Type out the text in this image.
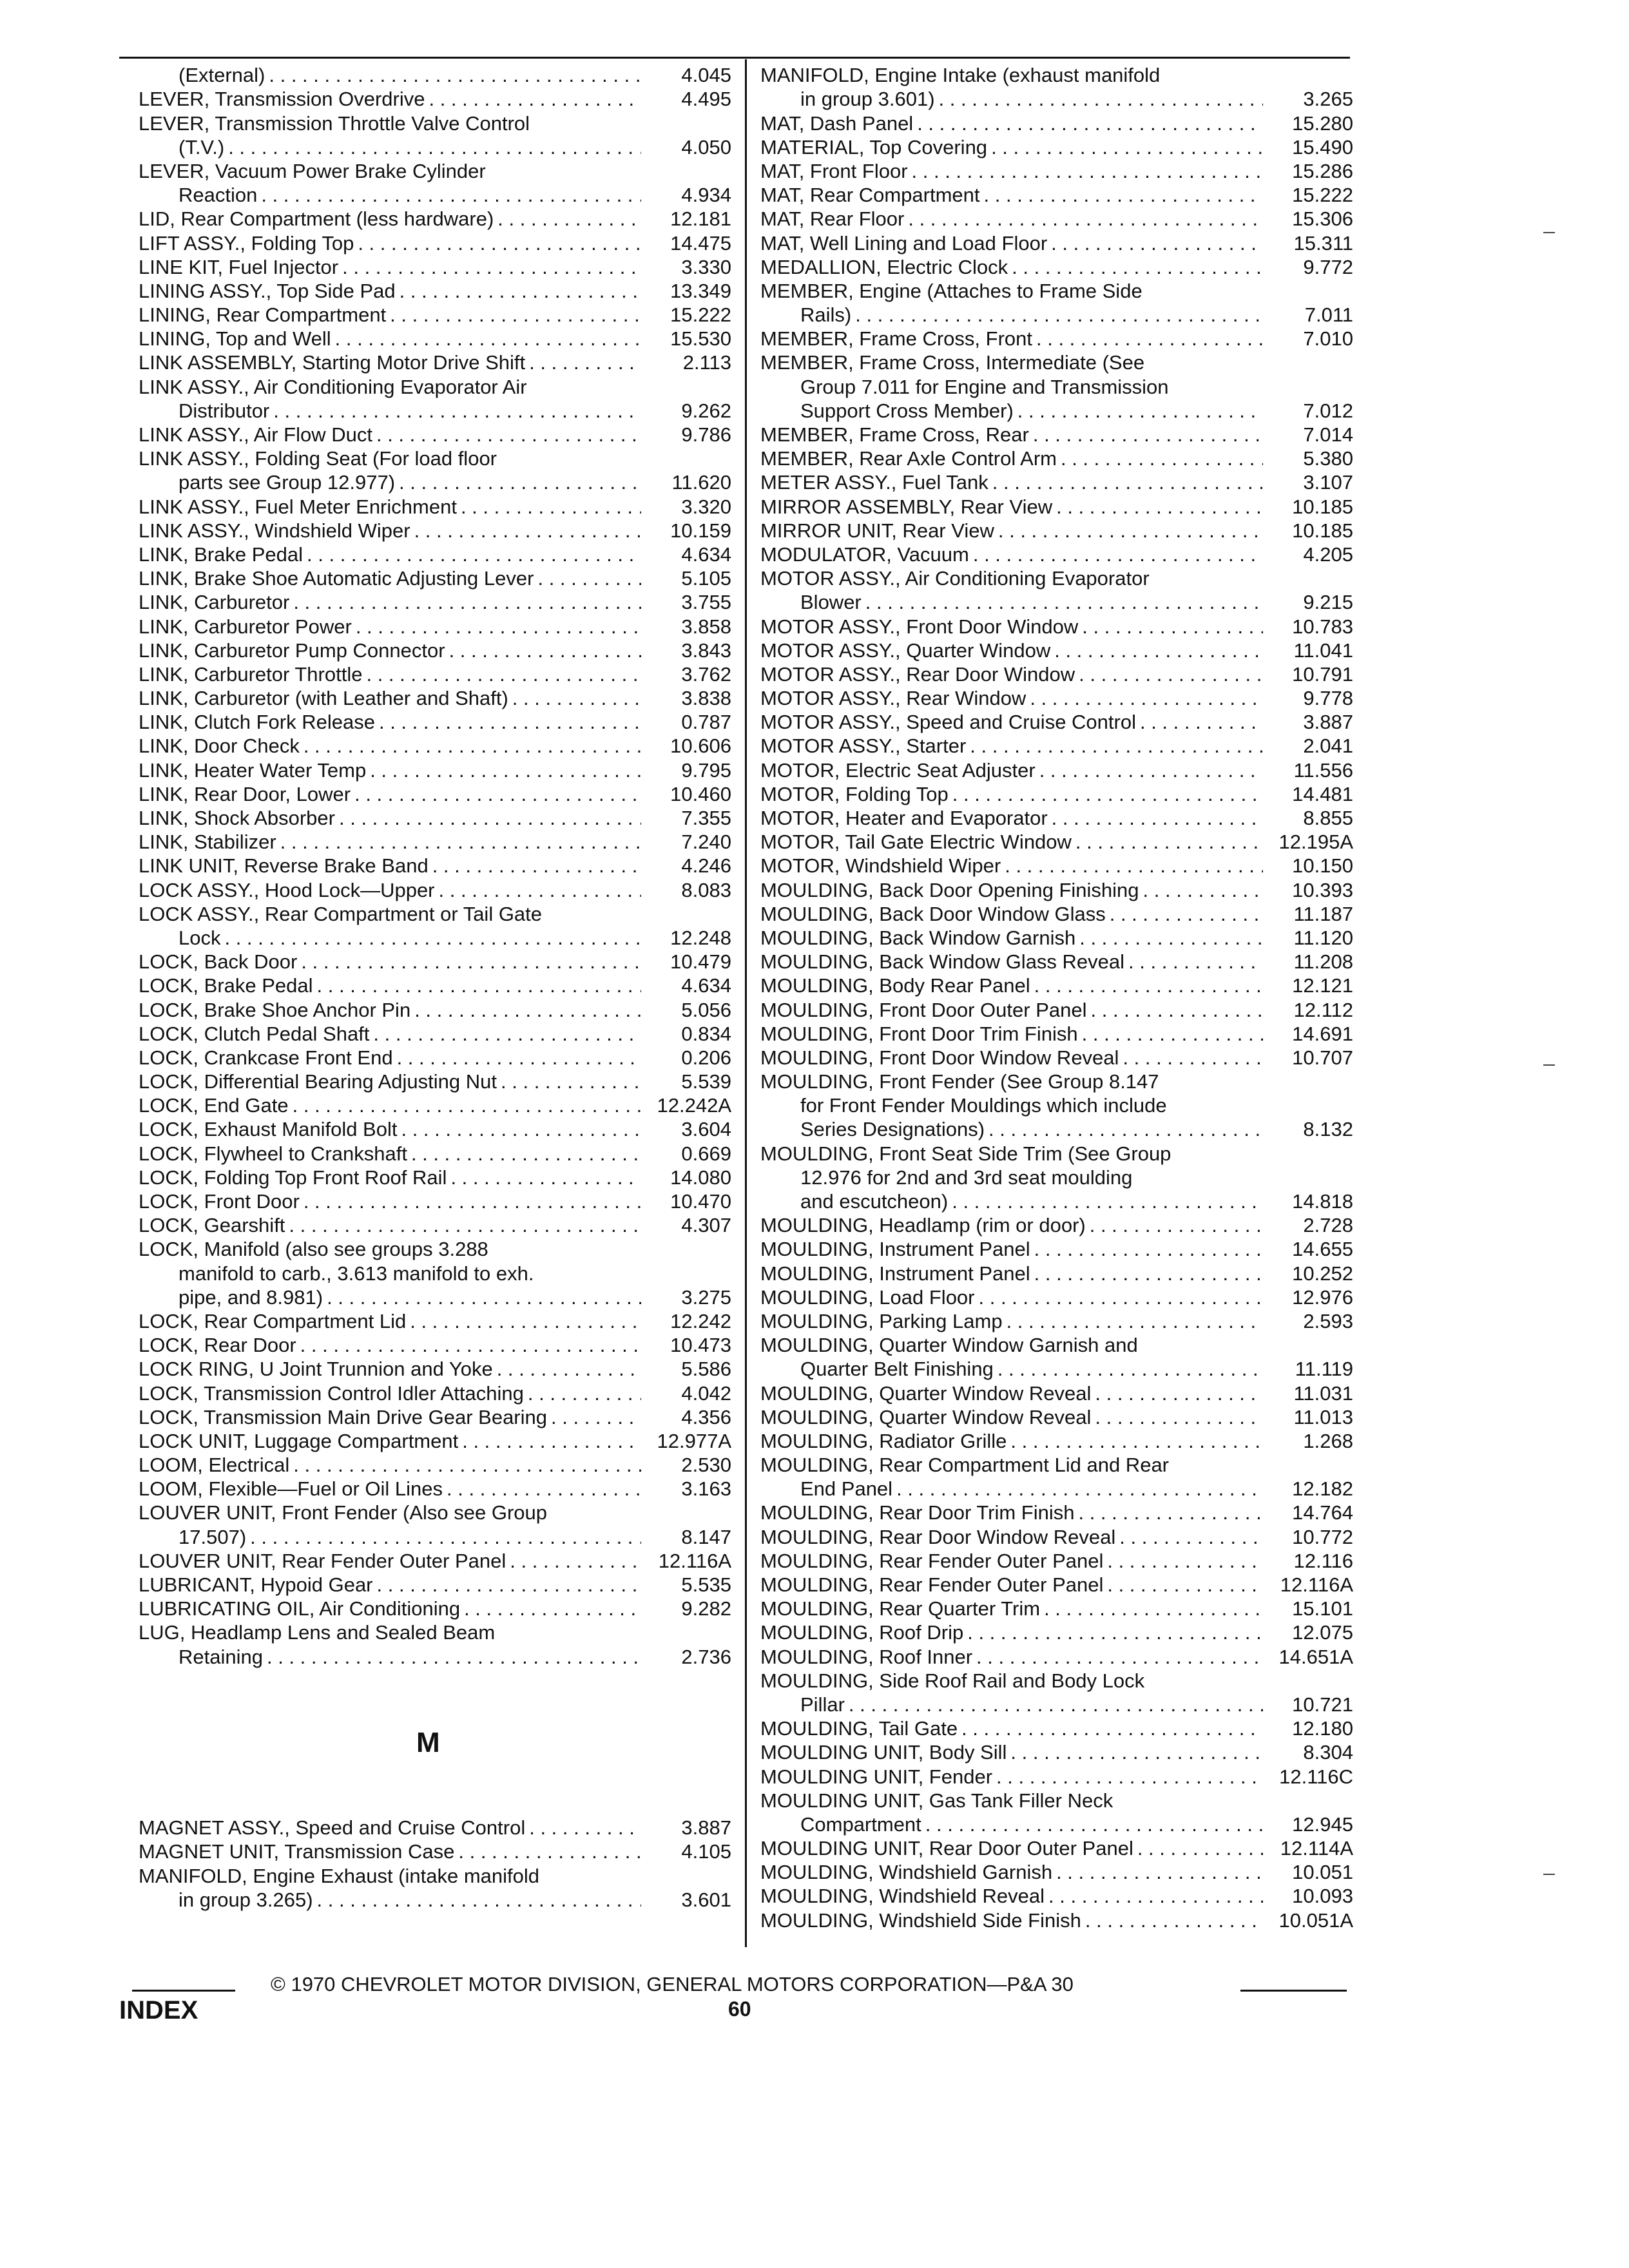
(External) . . .	4.045
LEVER, Transmission Overdrive . . .	4.495
LEVER, Transmission Throttle Valve Control
(T.V.) . . .	4.050
LEVER, Vacuum Power Brake Cylinder
Reaction . . .	4.934
LID, Rear Compartment (less hardware) . . .	12.181
LIFT ASSY., Folding Top . . .	14.475
LINE KIT, Fuel Injector . . .	3.330
LINING ASSY., Top Side Pad . . .	13.349
LINING, Rear Compartment . . .	15.222
LINING, Top and Well . . .	15.530
LINK ASSEMBLY, Starting Motor Drive Shift . . .	2.113
LINK ASSY., Air Conditioning Evaporator Air
Distributor . . .	9.262
LINK ASSY., Air Flow Duct . . .	9.786
LINK ASSY., Folding Seat (For load floor
parts see Group 12.977) . . .	11.620
LINK ASSY., Fuel Meter Enrichment . . .	3.320
LINK ASSY., Windshield Wiper . . .	10.159
LINK, Brake Pedal . . .	4.634
LINK, Brake Shoe Automatic Adjusting Lever . . .	5.105
LINK, Carburetor . . .	3.755
LINK, Carburetor Power . . .	3.858
LINK, Carburetor Pump Connector . . .	3.843
LINK, Carburetor Throttle . . .	3.762
LINK, Carburetor (with Leather and Shaft) . . .	3.838
LINK, Clutch Fork Release . . .	0.787
LINK, Door Check . . .	10.606
LINK, Heater Water Temp . . .	9.795
LINK, Rear Door, Lower . . .	10.460
LINK, Shock Absorber . . .	7.355
LINK, Stabilizer . . .	7.240
LINK UNIT, Reverse Brake Band . . .	4.246
LOCK ASSY., Hood Lock—Upper . . .	8.083
LOCK ASSY., Rear Compartment or Tail Gate
Lock . . .	12.248
LOCK, Back Door . . .	10.479
LOCK, Brake Pedal . . .	4.634
LOCK, Brake Shoe Anchor Pin . . .	5.056
LOCK, Clutch Pedal Shaft . . .	0.834
LOCK, Crankcase Front End . . .	0.206
LOCK, Differential Bearing Adjusting Nut . . .	5.539
LOCK, End Gate . . .	12.242A
LOCK, Exhaust Manifold Bolt . . .	3.604
LOCK, Flywheel to Crankshaft . . .	0.669
LOCK, Folding Top Front Roof Rail . . .	14.080
LOCK, Front Door . . .	10.470
LOCK, Gearshift . . .	4.307
LOCK, Manifold (also see groups 3.288
manifold to carb., 3.613 manifold to exh.
pipe, and 8.981) . . .	3.275
LOCK, Rear Compartment Lid . . .	12.242
LOCK, Rear Door . . .	10.473
LOCK RING, U Joint Trunnion and Yoke . . .	5.586
LOCK, Transmission Control Idler Attaching . . .	4.042
LOCK, Transmission Main Drive Gear Bearing . . .	4.356
LOCK UNIT, Luggage Compartment . . .	12.977A
LOOM, Electrical . . .	2.530
LOOM, Flexible—Fuel or Oil Lines . . .	3.163
LOUVER UNIT, Front Fender (Also see Group
17.507) . . .	8.147
LOUVER UNIT, Rear Fender Outer Panel . . .	12.116A
LUBRICANT, Hypoid Gear . . .	5.535
LUBRICATING OIL, Air Conditioning . . .	9.282
LUG, Headlamp Lens and Sealed Beam
Retaining . . .	2.736
M
MAGNET ASSY., Speed and Cruise Control . . .	3.887
MAGNET UNIT, Transmission Case . . .	4.105
MANIFOLD, Engine Exhaust (intake manifold
in group 3.265) . . .	3.601
MANIFOLD, Engine Intake (exhaust manifold
in group 3.601) . . .	3.265
MAT, Dash Panel . . .	15.280
MATERIAL, Top Covering . . .	15.490
MAT, Front Floor . . .	15.286
MAT, Rear Compartment . . .	15.222
MAT, Rear Floor . . .	15.306
MAT, Well Lining and Load Floor . . .	15.311
MEDALLION, Electric Clock . . .	9.772
MEMBER, Engine (Attaches to Frame Side
Rails) . . .	7.011
MEMBER, Frame Cross, Front . . .	7.010
MEMBER, Frame Cross, Intermediate (See
Group 7.011 for Engine and Transmission
Support Cross Member) . . .	7.012
MEMBER, Frame Cross, Rear . . .	7.014
MEMBER, Rear Axle Control Arm . . .	5.380
METER ASSY., Fuel Tank . . .	3.107
MIRROR ASSEMBLY, Rear View . . .	10.185
MIRROR UNIT, Rear View . . .	10.185
MODULATOR, Vacuum . . .	4.205
MOTOR ASSY., Air Conditioning Evaporator
Blower . . .	9.215
MOTOR ASSY., Front Door Window . . .	10.783
MOTOR ASSY., Quarter Window . . .	11.041
MOTOR ASSY., Rear Door Window . . .	10.791
MOTOR ASSY., Rear Window . . .	9.778
MOTOR ASSY., Speed and Cruise Control . . .	3.887
MOTOR ASSY., Starter . . .	2.041
MOTOR, Electric Seat Adjuster . . .	11.556
MOTOR, Folding Top . . .	14.481
MOTOR, Heater and Evaporator . . .	8.855
MOTOR, Tail Gate Electric Window . . .	12.195A
MOTOR, Windshield Wiper . . .	10.150
MOULDING, Back Door Opening Finishing . . .	10.393
MOULDING, Back Door Window Glass . . .	11.187
MOULDING, Back Window Garnish . . .	11.120
MOULDING, Back Window Glass Reveal . . .	11.208
MOULDING, Body Rear Panel . . .	12.121
MOULDING, Front Door Outer Panel . . .	12.112
MOULDING, Front Door Trim Finish . . .	14.691
MOULDING, Front Door Window Reveal . . .	10.707
MOULDING, Front Fender (See Group 8.147
for Front Fender Mouldings which include
Series Designations) . . .	8.132
MOULDING, Front Seat Side Trim (See Group
12.976 for 2nd and 3rd seat moulding
and escutcheon) . . .	14.818
MOULDING, Headlamp (rim or door) . . .	2.728
MOULDING, Instrument Panel . . .	14.655
MOULDING, Instrument Panel . . .	10.252
MOULDING, Load Floor . . .	12.976
MOULDING, Parking Lamp . . .	2.593
MOULDING, Quarter Window Garnish and
Quarter Belt Finishing . . .	11.119
MOULDING, Quarter Window Reveal . . .	11.031
MOULDING, Quarter Window Reveal . . .	11.013
MOULDING, Radiator Grille . . .	1.268
MOULDING, Rear Compartment Lid and Rear
End Panel . . .	12.182
MOULDING, Rear Door Trim Finish . . .	14.764
MOULDING, Rear Door Window Reveal . . .	10.772
MOULDING, Rear Fender Outer Panel . . .	12.116
MOULDING, Rear Fender Outer Panel . . .	12.116A
MOULDING, Rear Quarter Trim . . .	15.101
MOULDING, Roof Drip . . .	12.075
MOULDING, Roof Inner . . .	14.651A
MOULDING, Side Roof Rail and Body Lock
Pillar . . .	10.721
MOULDING, Tail Gate . . .	12.180
MOULDING UNIT, Body Sill . . .	8.304
MOULDING UNIT, Fender . . .	12.116C
MOULDING UNIT, Gas Tank Filler Neck
Compartment . . .	12.945
MOULDING UNIT, Rear Door Outer Panel . . .	12.114A
MOULDING, Windshield Garnish . . .	10.051
MOULDING, Windshield Reveal . . .	10.093
MOULDING, Windshield Side Finish . . .	10.051A
© 1970 CHEVROLET MOTOR DIVISION, GENERAL MOTORS CORPORATION—P&A 30
INDEX	60
